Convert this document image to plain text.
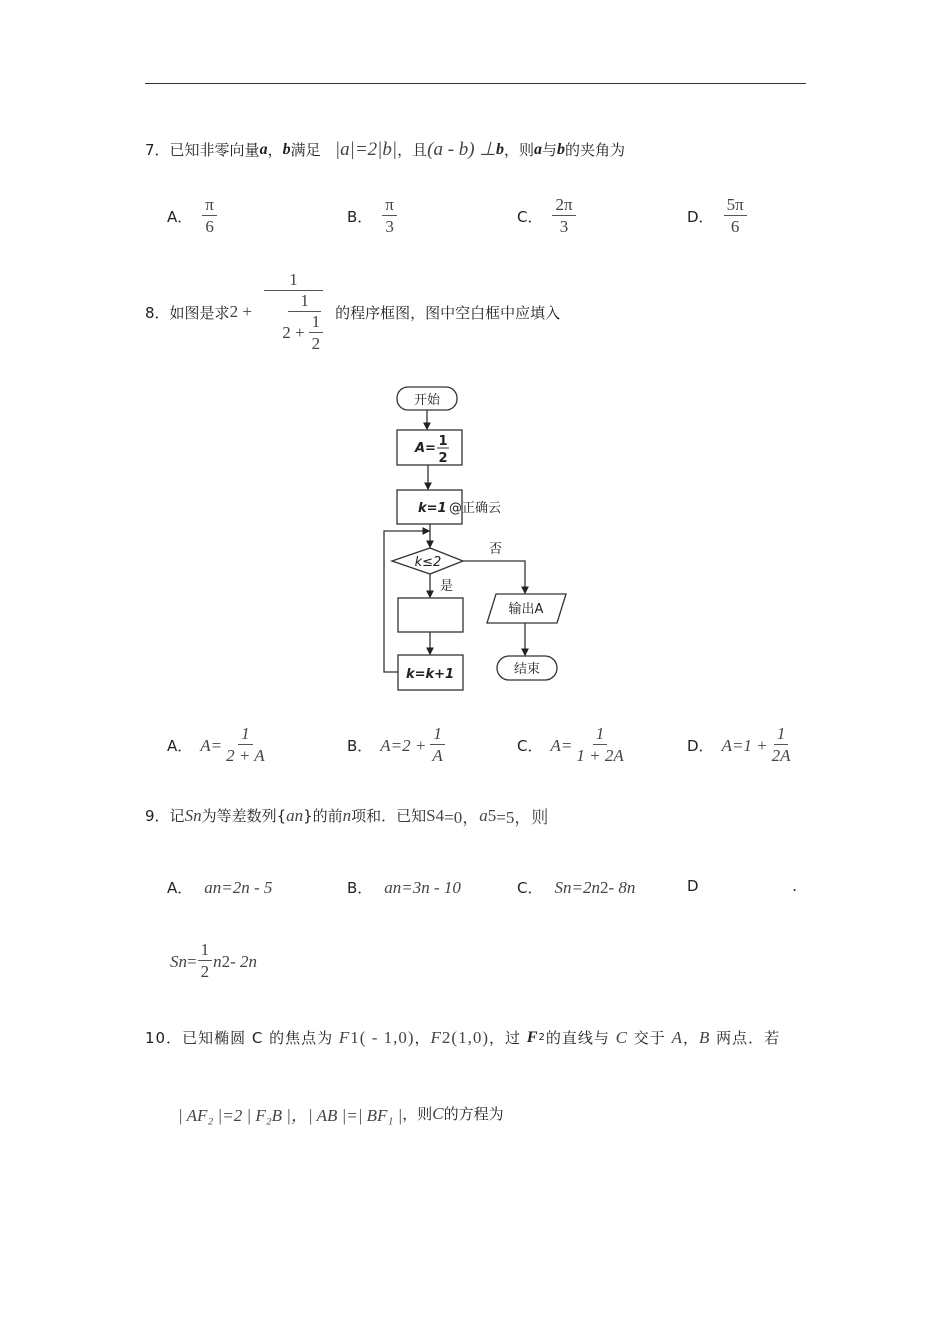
7． 已知非零向量 a ， b 满足
|a|=2|b| ，且 (a - b) ⊥ b ，则 a 与 b 的夹角为
8． 如图是求 $2 + \frac{1}{\frac{1}{2 + \frac{1}{2}}}$ 的程序框图，图中空白框中应填入
开始
A= 1
2
k=1 @正确云
k≤2
否
是
输出A
k=k+1	结束
9． 记 S n 为等差数列{ a n }的前 n 项和．已知 S 4 =0， a 5 =5，则
S $n = \frac{1}{2}$ n 2 - 2n
10． 已知椭圆 C 的焦点为
F 1 ( - 1,0) ， F 2 (1,0) ，过
F 2 的直线与
C
交于
A ， B
两点．若
| AF₂ |=2 | F₂B |，| AB |=| BF₁ | ，则 C 的方程为
A． $\frac{\pi}{6}$	B． $\frac{\pi}{3}$	C． $\frac{2\pi}{3}$	D． $\frac{5\pi}{6}$
A． $A= \frac{1}{2 + A}$	B． $A=2 + \frac{1}{A}$	C． $A= \frac{1}{1 + 2A}$	D． $A=1 + \frac{1}{2A}$
A． a n =2n - 5	B． a n =3n - 10	C． S n =2n 2 - 8n	D	.
